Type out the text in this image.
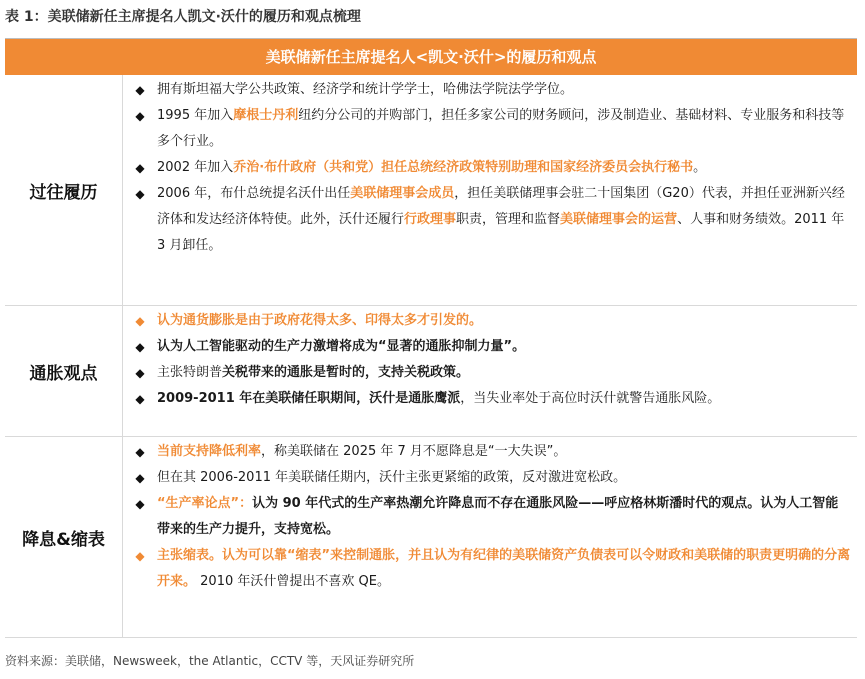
表 1：美联储新任主席提名人凯文·沃什的履历和观点梳理
美联储新任主席提名人<凯文·沃什>的履历和观点
过往履历
◆ 拥有斯坦福大学公共政策、经济学和统计学学士，哈佛法学院法学学位。
◆ 1995 年加入摩根士丹利纽约分公司的并购部门，担任多家公司的财务顾问，涉及制造业、基础材料、专业服务和科技等多个行业。
◆ 2002 年加入乔治·布什政府（共和党）担任总统经济政策特别助理和国家经济委员会执行秘书。
◆ 2006 年，布什总统提名沃什出任美联储理事会成员，担任美联储理事会驻二十国集团（G20）代表，并担任亚洲新兴经济体和发达经济体特使。此外，沃什还履行行政理事职责，管理和监督美联储理事会的运营、人事和财务绩效。2011 年 3 月卸任。
通胀观点
◆ 认为通货膨胀是由于政府花得太多、印得太多才引发的。
◆ 认为人工智能驱动的生产力激增将成为“显著的通胀抑制力量”。
◆ 主张特朗普关税带来的通胀是暂时的，支持关税政策。
◆ 2009-2011 年在美联储任职期间，沃什是通胀鹰派，当失业率处于高位时沃什就警告通胀风险。
降息&缩表
◆ 当前支持降低利率，称美联储在 2025 年 7 月不愿降息是“一大失误”。
◆ 但在其 2006-2011 年美联储任期内，沃什主张更紧缩的政策，反对激进宽松政。
◆ “生产率论点”：认为 90 年代式的生产率热潮允许降息而不存在通胀风险——呼应格林斯潘时代的观点。认为人工智能带来的生产力提升，支持宽松。
◆ 主张缩表。认为可以靠“缩表”来控制通胀，并且认为有纪律的美联储资产负债表可以令财政和美联储的职责更明确的分离开来。 2010 年沃什曾提出不喜欢 QE。
资料来源：美联储，Newsweek，the Atlantic，CCTV 等，天风证券研究所
